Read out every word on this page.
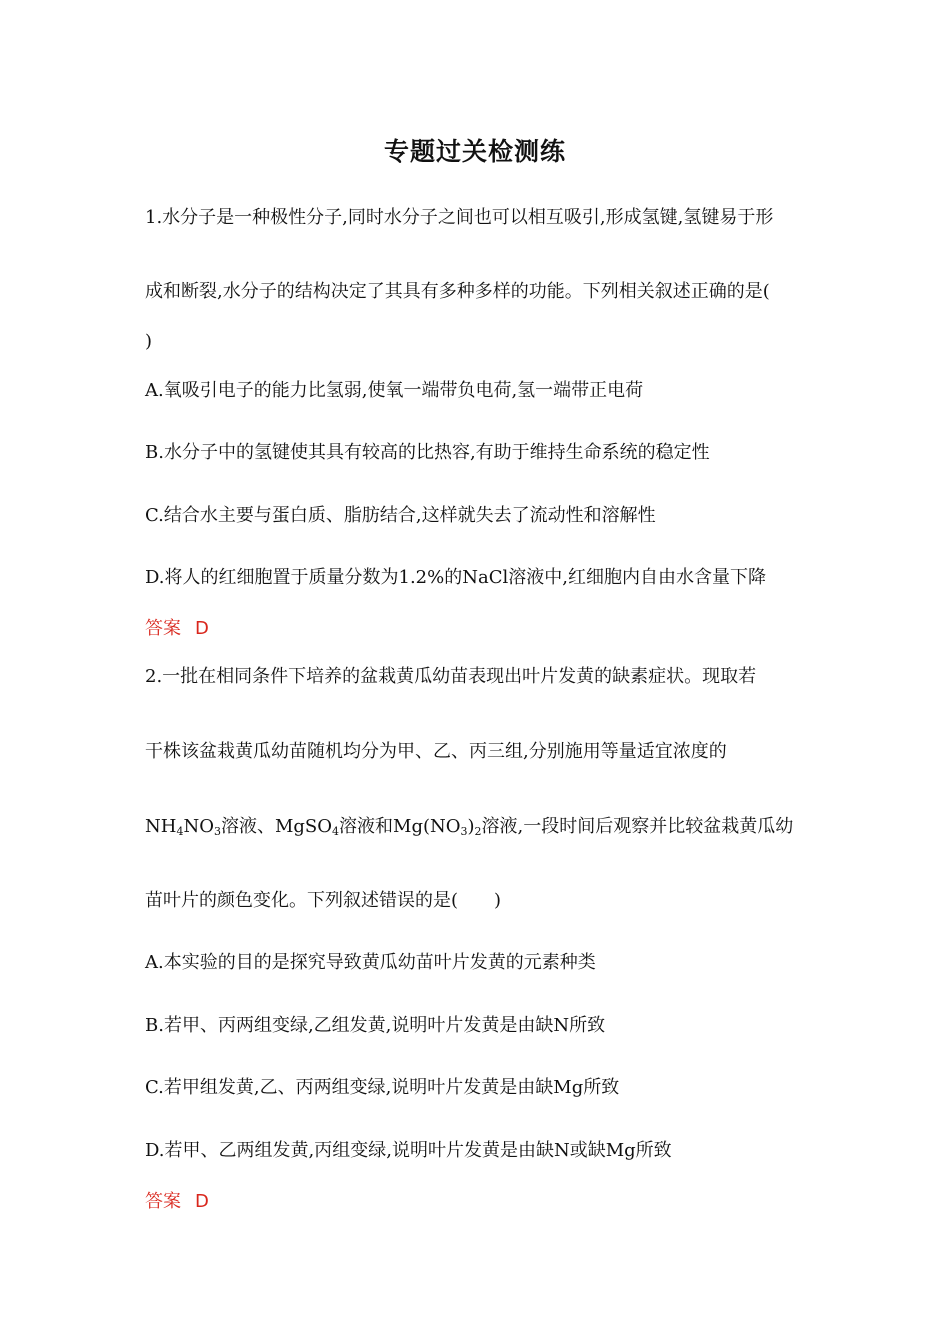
专题过关检测练
1.水分子是一种极性分子,同时水分子之间也可以相互吸引,形成氢键,氢键易于形
成和断裂,水分子的结构决定了其具有多种多样的功能。下列相关叙述正确的是(
)
A.氧吸引电子的能力比氢弱,使氧一端带负电荷,氢一端带正电荷
B.水分子中的氢键使其具有较高的比热容,有助于维持生命系统的稳定性
C.结合水主要与蛋白质、脂肪结合,这样就失去了流动性和溶解性
D.将人的红细胞置于质量分数为1.2%的NaCl溶液中,红细胞内自由水含量下降
答案 D
2.一批在相同条件下培养的盆栽黄瓜幼苗表现出叶片发黄的缺素症状。现取若
干株该盆栽黄瓜幼苗随机均分为甲、乙、丙三组,分别施用等量适宜浓度的
$NH_4NO_3$溶液、MgSO$_4$溶液和$Mg(NO_3)_2$溶液,一段时间后观察并比较盆栽黄瓜幼
苗叶片的颜色变化。下列叙述错误的是(　　)
A.本实验的目的是探究导致黄瓜幼苗叶片发黄的元素种类
B.若甲、丙两组变绿,乙组发黄,说明叶片发黄是由缺N所致
C.若甲组发黄,乙、丙两组变绿,说明叶片发黄是由缺Mg所致
D.若甲、乙两组发黄,丙组变绿,说明叶片发黄是由缺N或缺Mg所致
答案 D
